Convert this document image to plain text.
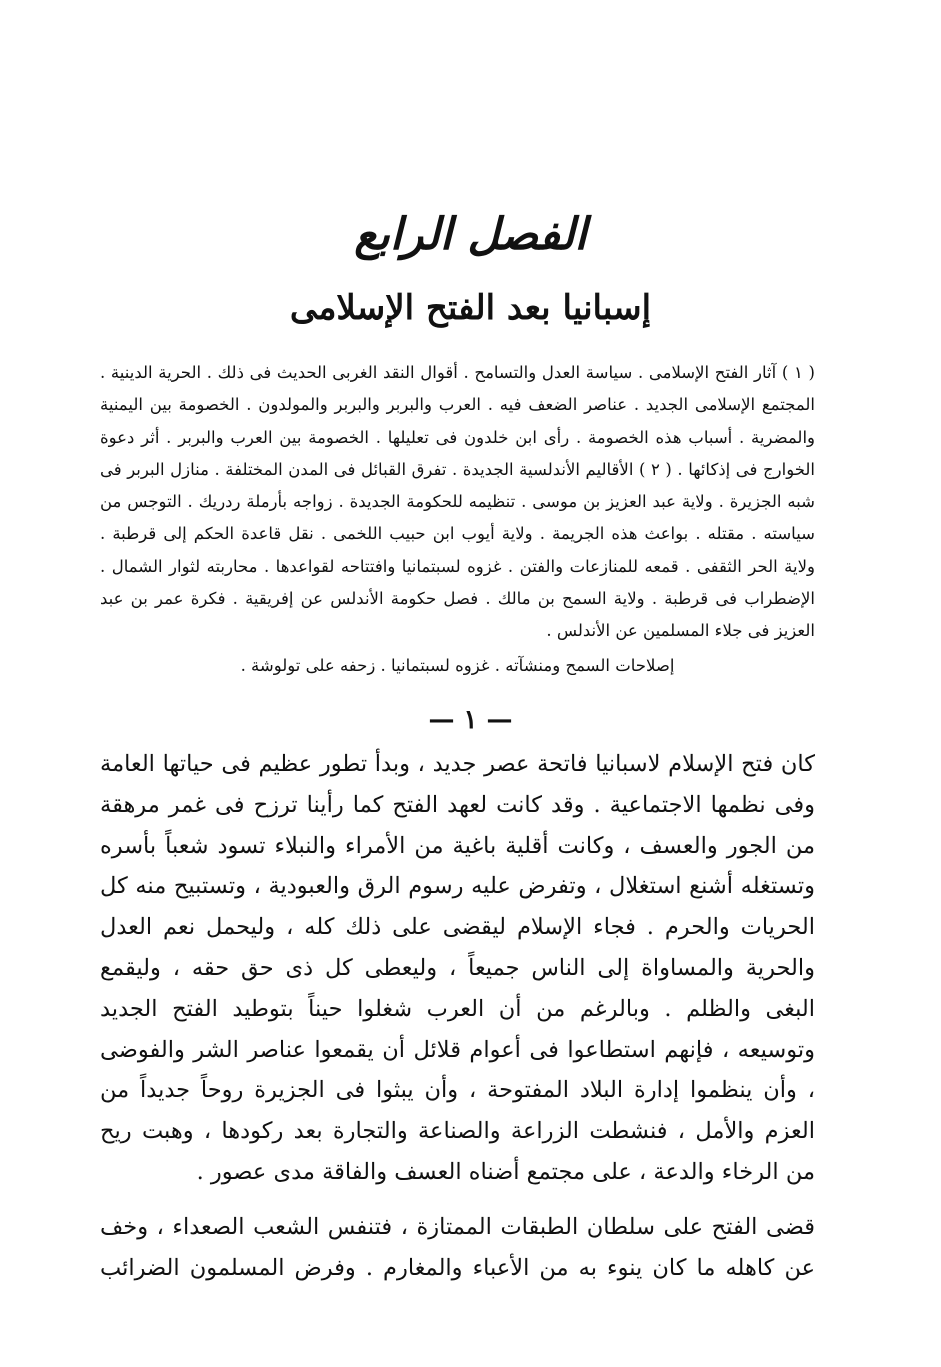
الفصل الرابع
إسبانيا بعد الفتح الإسلامى

( ١ ) آثار الفتح الإسلامى . سياسة العدل والتسامح . أقوال النقد الغربى الحديث فى ذلك . الحرية الدينية . المجتمع الإسلامى الجديد . عناصر الضعف فيه . العرب والبربر والبربر والمولدون . الخصومة بين اليمنية والمضرية . أسباب هذه الخصومة . رأى ابن خلدون فى تعليلها . الخصومة بين العرب والبربر . أثر دعوة الخوارج فى إذكائها . ( ٢ ) الأقاليم الأندلسية الجديدة . تفرق القبائل فى المدن المختلفة . منازل البربر فى شبه الجزيرة . ولاية عبد العزيز بن موسى . تنظيمه للحكومة الجديدة . زواجه بأرملة ردريك . التوجس من سياسته . مقتله . بواعث هذه الجريمة . ولاية أيوب ابن حبيب اللخمى . نقل قاعدة الحكم إلى قرطبة . ولاية الحر الثقفى . قمعه للمنازعات والفتن . غزوه لسبتمانيا وافتتاحه لقواعدها . محاربته لثوار الشمال . الإضطراب فى قرطبة . ولاية السمح بن مالك . فصل حكومة الأندلس عن إفريقية . فكرة عمر بن عبد العزيز فى جلاء المسلمين عن الأندلس .

إصلاحات السمح ومنشآته . غزوه لسبتمانيا . زحفه على تولوشة .

— ١ —

كان فتح الإسلام لاسبانيا فاتحة عصر جديد ، وبدأ تطور عظيم فى حياتها العامة وفى نظمها الاجتماعية . وقد كانت لعهد الفتح كما رأينا ترزح فى غمر مرهقة من الجور والعسف ، وكانت أقلية باغية من الأمراء والنبلاء تسود شعباً بأسره وتستغله أشنع استغلال ، وتفرض عليه رسوم الرق والعبودية ، وتستبيح منه كل الحريات والحرم . فجاء الإسلام ليقضى على ذلك كله ، وليحمل نعم العدل والحرية والمساواة إلى الناس جميعاً ، وليعطى كل ذى حق حقه ، وليقمع البغى والظلم . وبالرغم من أن العرب شغلوا حيناً بتوطيد الفتح الجديد وتوسيعه ، فإنهم استطاعوا فى أعوام قلائل أن يقمعوا عناصر الشر والفوضى ، وأن ينظموا إدارة البلاد المفتوحة ، وأن يبثوا فى الجزيرة روحاً جديداً من العزم والأمل ، فنشطت الزراعة والصناعة والتجارة بعد ركودها ، وهبت ريح من الرخاء والدعة ، على مجتمع أضناه العسف والفاقة مدى عصور .

قضى الفتح على سلطان الطبقات الممتازة ، فتنفس الشعب الصعداء ، وخف عن كاهله ما كان ينوء به من الأعباء والمغارم . وفرض المسلمون الضرائب
